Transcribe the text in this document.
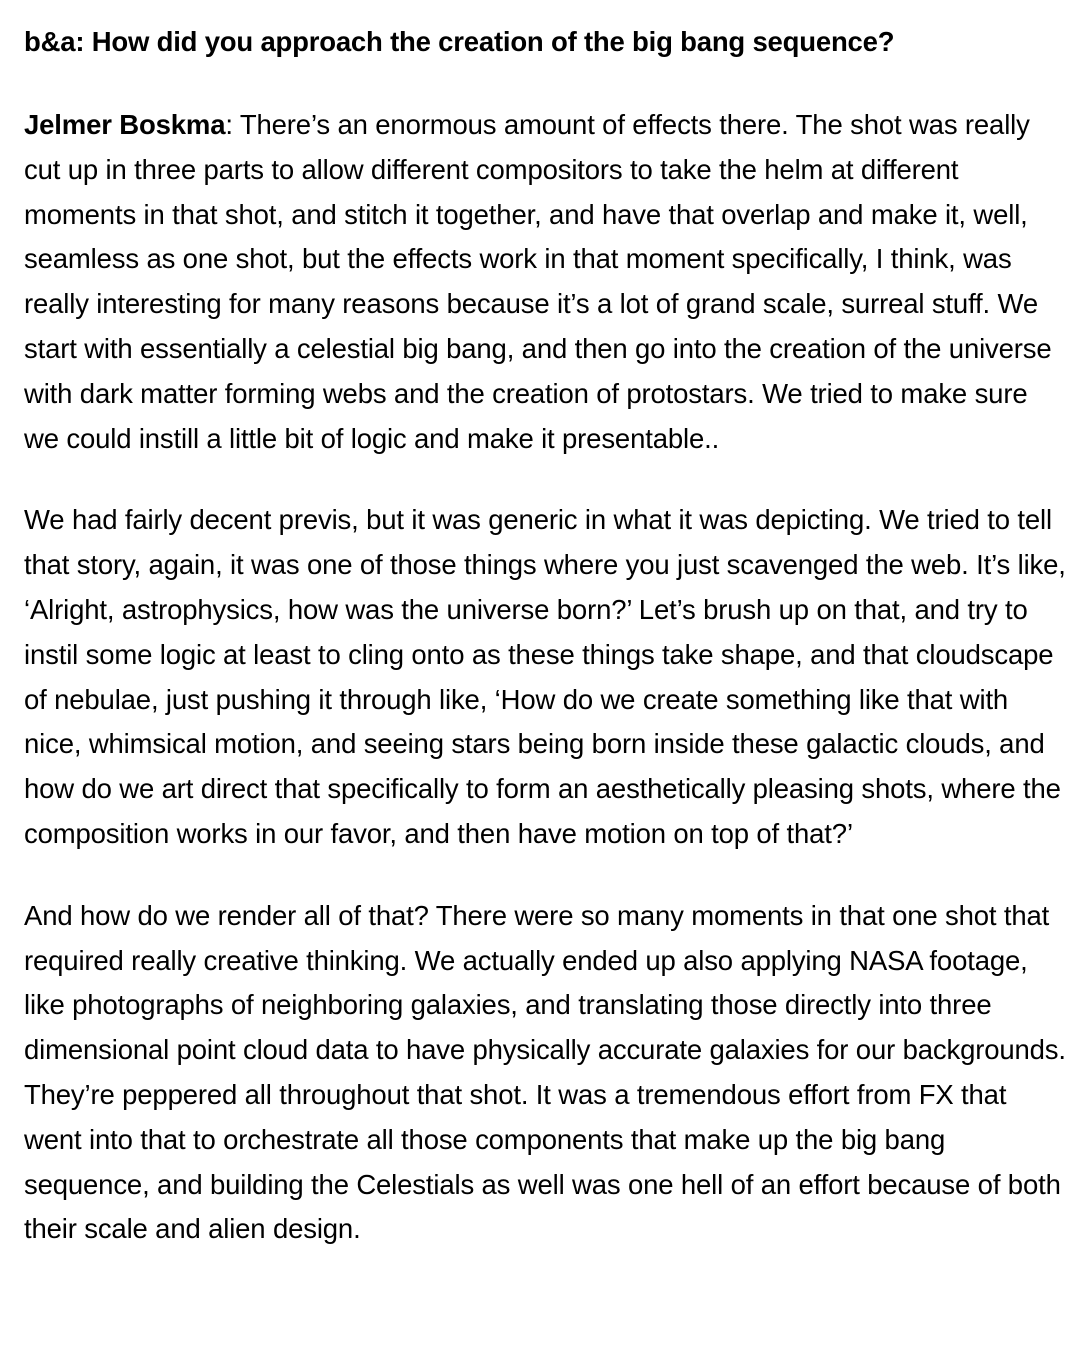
b&a: How did you approach the creation of the big bang sequence?

Jelmer Boskma: There’s an enormous amount of effects there. The shot was really cut up in three parts to allow different compositors to take the helm at different moments in that shot, and stitch it together, and have that overlap and make it, well, seamless as one shot, but the effects work in that moment specifically, I think, was really interesting for many reasons because it’s a lot of grand scale, surreal stuff. We start with essentially a celestial big bang, and then go into the creation of the universe with dark matter forming webs and the creation of protostars. We tried to make sure we could instill a little bit of logic and make it presentable..

We had fairly decent previs, but it was generic in what it was depicting. We tried to tell that story, again, it was one of those things where you just scavenged the web. It’s like, ‘Alright, astrophysics, how was the universe born?’ Let’s brush up on that, and try to instil some logic at least to cling onto as these things take shape, and that cloudscape of nebulae, just pushing it through like, ‘How do we create something like that with nice, whimsical motion, and seeing stars being born inside these galactic clouds, and how do we art direct that specifically to form an aesthetically pleasing shots, where the composition works in our favor, and then have motion on top of that?’

And how do we render all of that? There were so many moments in that one shot that required really creative thinking. We actually ended up also applying NASA footage, like photographs of neighboring galaxies, and translating those directly into three dimensional point cloud data to have physically accurate galaxies for our backgrounds. They’re peppered all throughout that shot. It was a tremendous effort from FX that went into that to orchestrate all those components that make up the big bang sequence, and building the Celestials as well was one hell of an effort because of both their scale and alien design.
